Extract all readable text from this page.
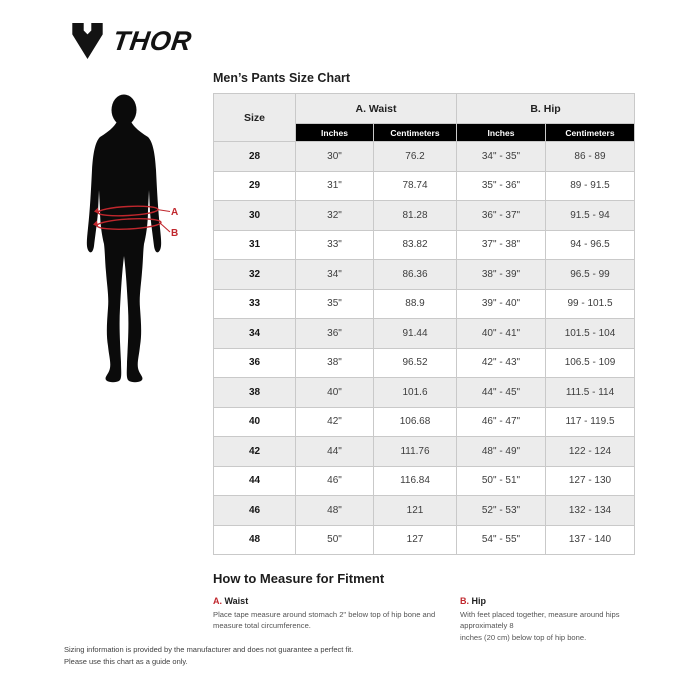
THOR
A
B
Men’s Pants Size Chart
Size	A. Waist		B. Hip	
	Inches	Centimeters	Inches	Centimeters
28	30"	76.2	34" - 35"	86 - 89
29	31"	78.74	35" - 36"	89 - 91.5
30	32"	81.28	36" - 37"	91.5 - 94
31	33"	83.82	37" - 38"	94 - 96.5
32	34"	86.36	38" - 39"	96.5 - 99
33	35"	88.9	39" - 40"	99 - 101.5
34	36"	91.44	40" - 41"	101.5 - 104
36	38"	96.52	42" - 43"	106.5 - 109
38	40"	101.6	44" - 45"	111.5 - 114
40	42"	106.68	46" - 47"	117 - 119.5
42	44"	111.76	48" - 49"	122 - 124
44	46"	116.84	50" - 51"	127 - 130
46	48"	121	52" - 53"	132 - 134
48	50"	127	54" - 55"	137 - 140
How to Measure for Fitment
A. Waist
Place tape measure around stomach 2" below top of hip bone and
measure total circumference.
B. Hip
With feet placed together, measure around hips approximately 8
inches (20 cm) below top of hip bone.
Sizing information is provided by the manufacturer and does not guarantee a perfect fit.
Please use this chart as a guide only.
